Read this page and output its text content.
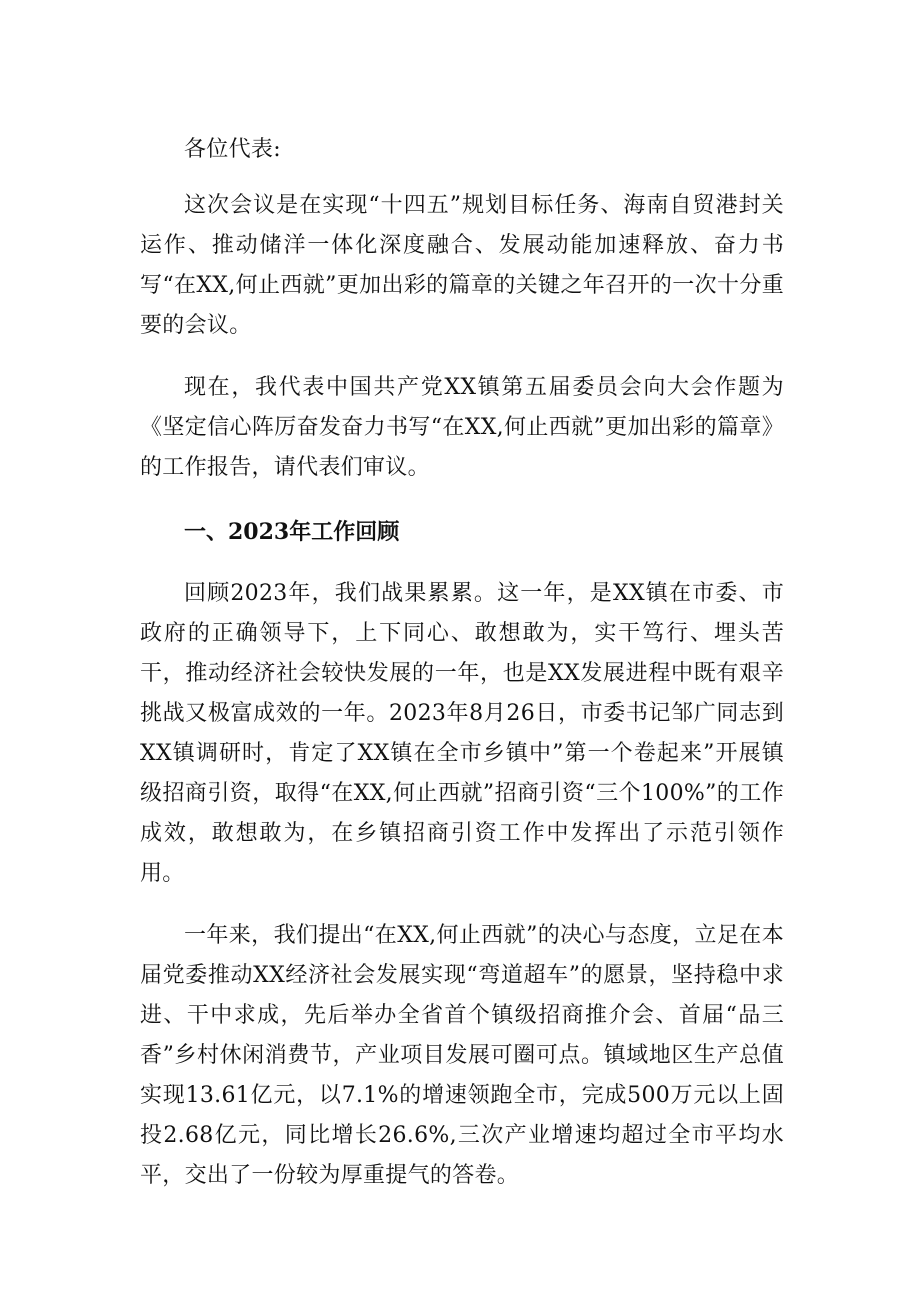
各位代表:

这次会议是在实现“十四五”规划目标任务、海南自贸港封关运作、推动储洋一体化深度融合、发展动能加速释放、奋力书写“在XX,何止西就”更加出彩的篇章的关键之年召开的一次十分重要的会议。

现在，我代表中国共产党XX镇第五届委员会向大会作题为《坚定信心阵厉奋发奋力书写“在XX,何止西就”更加出彩的篇章》的工作报告，请代表们审议。

一、2023年工作回顾

回顾2023年，我们战果累累。这一年，是XX镇在市委、市政府的正确领导下，上下同心、敢想敢为，实干笃行、埋头苦干，推动经济社会较快发展的一年，也是XX发展进程中既有艰辛挑战又极富成效的一年。2023年8月26日，市委书记邹广同志到XX镇调研时，肯定了XX镇在全市乡镇中”第一个卷起来”开展镇级招商引资，取得“在XX,何止西就”招商引资“三个100%”的工作成效，敢想敢为，在乡镇招商引资工作中发挥出了示范引领作用。

一年来，我们提出“在XX,何止西就”的决心与态度，立足在本届党委推动XX经济社会发展实现“弯道超车”的愿景，坚持稳中求进、干中求成，先后举办全省首个镇级招商推介会、首届“品三香”乡村休闲消费节，产业项目发展可圈可点。镇域地区生产总值实现13.61亿元，以7.1%的增速领跑全市，完成500万元以上固投2.68亿元，同比增长26.6%,三次产业增速均超过全市平均水平，交出了一份较为厚重提气的答卷。
